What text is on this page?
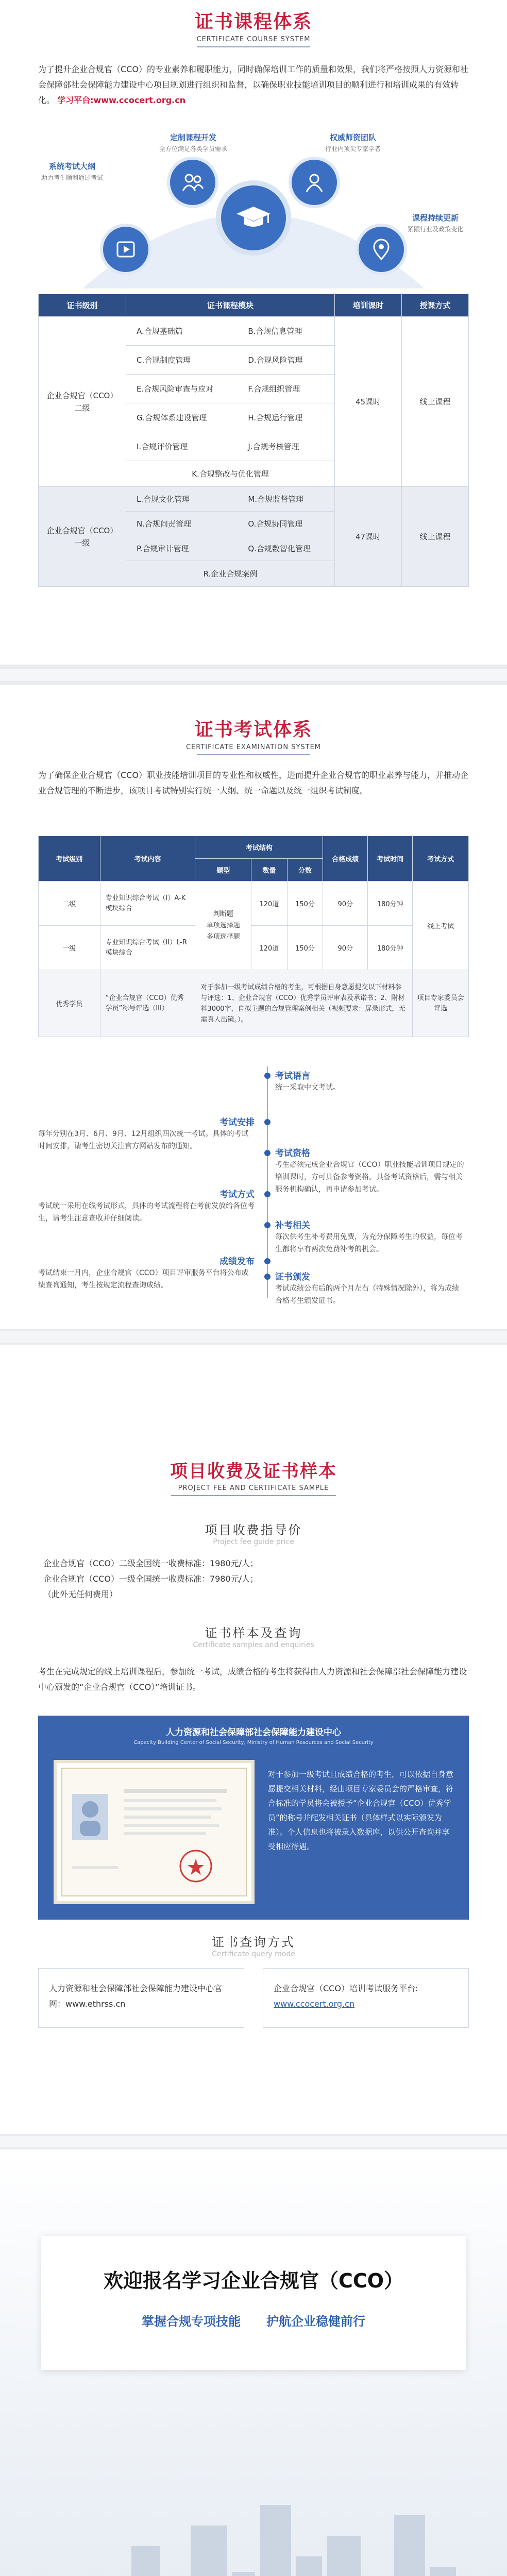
证书课程体系
CERTIFICATE COURSE SYSTEM
为了提升企业合规官（CCO）的专业素养和履职能力，同时确保培训工作的质量和效果，我们将严格按照人力资源和社会保障部社会保障能力建设中心项目规划进行组织和监督，以确保职业技能培训项目的顺利进行和培训成果的有效转化。 学习平台:www.ccocert.org.cn
定制课程开发
全方位满足各类学员需求
权威师资团队
行业内顶尖专家学者
系统考试大纲
助力考生顺利通过考试
课程持续更新
紧跟行业及政策变化
证书级别	证书课程模块		培训课时	授课方式
企业合规官（CCO）二级	A.合规基础篇	B.合规信息管理	45课时	线上课程
	C.合规制度管理	D.合规风险管理		
	E.合规风险审查与应对	F.合规组织管理		
	G.合规体系建设管理	H.合规运行管理		
	I.合规评价管理	J.合规考核管理		
	K.合规整改与优化管理			
企业合规官（CCO）一级	L.合规文化管理	M.合规监督管理	47课时	线上课程
	N.合规问责管理	O.合规协同管理		
	P.合规审计管理	Q.合规数智化管理		
	R.企业合规案例			
证书考试体系
CERTIFICATE EXAMINATION SYSTEM
为了确保企业合规官（CCO）职业技能培训项目的专业性和权威性，进而提升企业合规官的职业素养与能力，并推动企业合规管理的不断进步，该项目考试特别实行统一大纲、统一命题以及统一组织考试制度。
考试级别	考试内容	考试结构			合格成绩	考试时间	考试方式
		题型	数量	分数			
二级	专业知识综合考试（I）A-K模块综合	判断题
单项选择题
多项选择题	120道	150分	90分	180分钟	线上考试
一级	专业知识综合考试（II）L-R模块综合		120道	150分	90分	180分钟	
优秀学员	“企业合规官（CCO）优秀学员”称号评选（III）	对于参加一级考试成绩合格的考生，可根据自身意愿提交以下材料参与评选：1、企业合规官（CCO）优秀学员评审表及承诺书；2、附材料3000字，自拟主题的合规管理案例相关（视频要求：屏录形式，无需真人出镜。）。					项目专家委员会评选
考试语言
统一采取中文考试。
考试安排
每年分别在3月、6月、9月、12月组织四次统一考试。具体的考试时间安排，请考生密切关注官方网站发布的通知。
考试资格
考生必须完成企业合规官（CCO）职业技能培训项目规定的培训课时，方可具备参考资格。具备考试资格后，需与相关服务机构确认，再申请参加考试。
考试方式
考试统一采用在线考试形式，具体的考试流程将在考前发放给各位考生，请考生注意查收并仔细阅读。
补考相关
每次供考生补考费用免费，为充分保障考生的权益，每位考生都将享有两次免费补考的机会。
成绩发布
考试结束一月内，企业合规官（CCO）项目评审服务平台将公布成绩查询通知，考生按规定流程查询成绩。
证书颁发
考试成绩公布后的两个月左右（特殊情况除外），将为成绩合格考生颁发证书。
项目收费及证书样本
PROJECT FEE AND CERTIFICATE SAMPLE
项目收费指导价
Project fee guide price
企业合规官（CCO）二级全国统一收费标准：1980元/人；
企业合规官（CCO）一级全国统一收费标准：7980元/人；
（此外无任何费用）
证书样本及查询
Certificate samples and enquiries
考生在完成规定的线上培训课程后，参加统一考试，成绩合格的考生将获得由人力资源和社会保障部社会保障能力建设中心颁发的“企业合规官（CCO）”培训证书。
人力资源和社会保障部社会保障能力建设中心
Capacity Building Center of Social Security, Ministry of Human Resources and Social Security
对于参加一级考试且成绩合格的考生，可以依据自身意愿提交相关材料，经由项目专家委员会的严格审查，符合标准的学员将会被授予“企业合规官（CCO）优秀学员”的称号并配发相关证书（具体样式以实际颁发为准）。个人信息也将被录入数据库，以供公开查询并享受相应待遇。
证书查询方式
Certificate query mode
人力资源和社会保障部社会保障能力建设中心官网：www.ethrss.cn
企业合规官（CCO）培训考试服务平台:
www.ccocert.org.cn
欢迎报名学习企业合规官（CCO）
掌握合规专项技能 护航企业稳健前行
